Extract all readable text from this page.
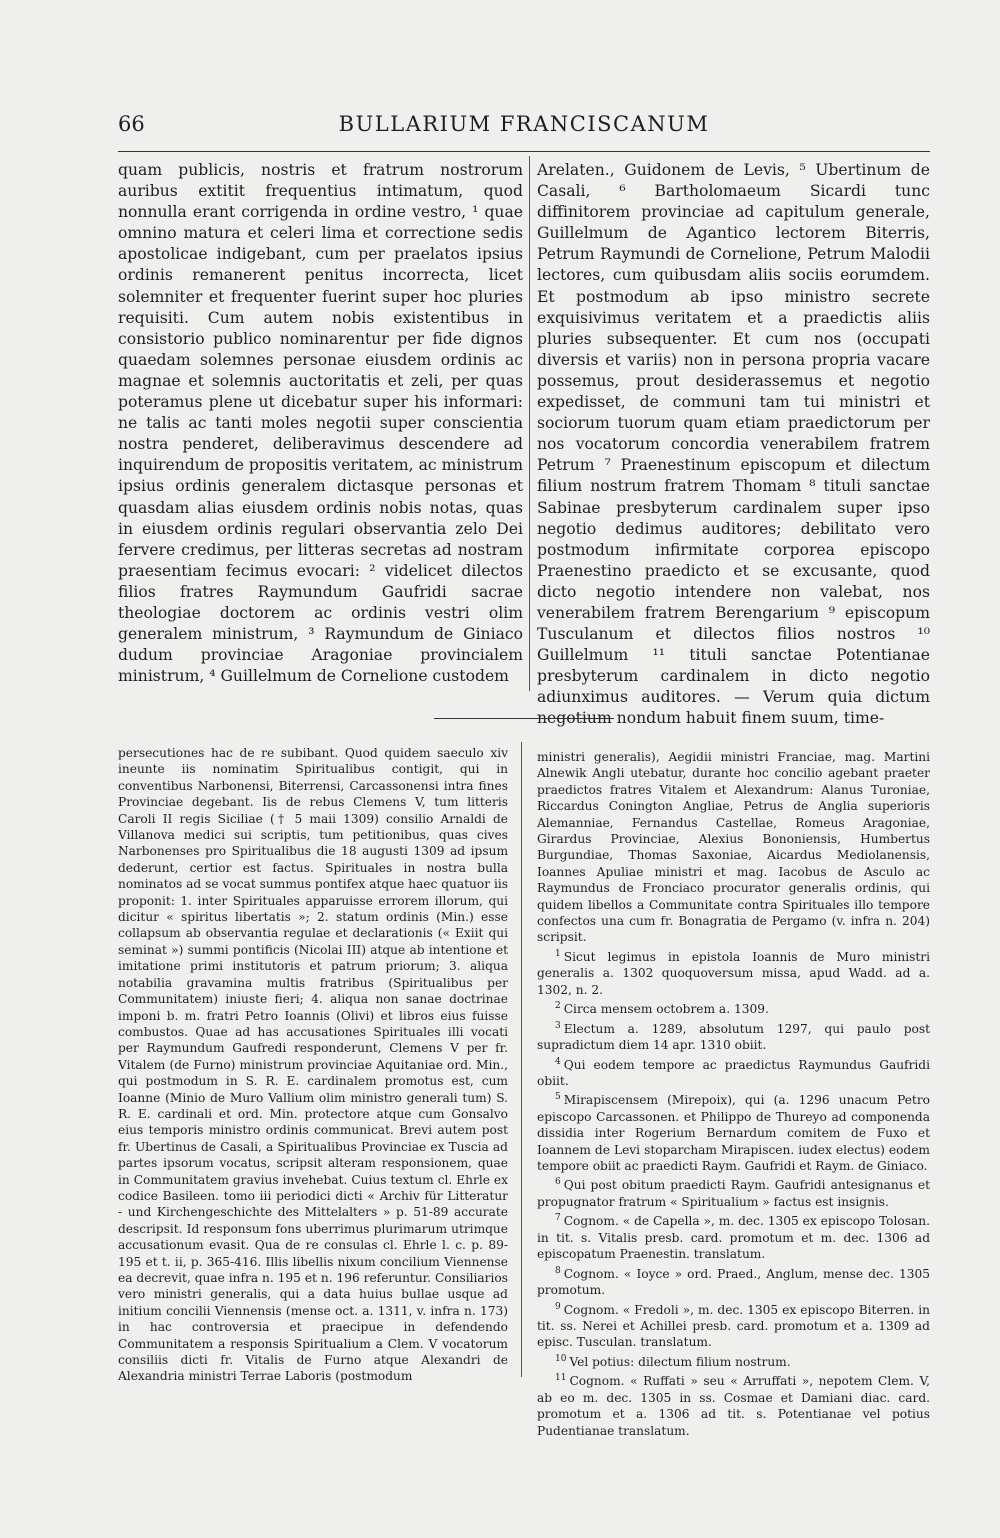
66	BULLARIUM FRANCISCANUM

quam publicis, nostris et fratrum nostrorum auribus extitit frequentius intimatum, quod nonnulla erant corrigenda in ordine vestro, ¹ quae omnino matura et celeri lima et correctione sedis apostolicae indigebant, cum per praelatos ipsius ordinis remanerent penitus incorrecta, licet solemniter et frequenter fuerint super hoc pluries requisiti. Cum autem nobis existentibus in consistorio publico nominarentur per fide dignos quaedam solemnes personae eiusdem ordinis ac magnae et solemnis auctoritatis et zeli, per quas poteramus plene ut dicebatur super his informari: ne talis ac tanti moles negotii super conscientia nostra penderet, deliberavimus descendere ad inquirendum de propositis veritatem, ac ministrum ipsius ordinis generalem dictasque personas et quasdam alias eiusdem ordinis nobis notas, quas in eiusdem ordinis regulari observantia zelo Dei fervere credimus, per litteras secretas ad nostram praesentiam fecimus evocari: ² videlicet dilectos filios fratres Raymundum Gaufridi sacrae theologiae doctorem ac ordinis vestri olim generalem ministrum, ³ Raymundum de Giniaco dudum provinciae Aragoniae provincialem ministrum, ⁴ Guillelmum de Cornelione custodem

Arelaten., Guidonem de Levis, ⁵ Ubertinum de Casali, ⁶ Bartholomaeum Sicardi tunc diffinitorem provinciae ad capitulum generale, Guillelmum de Agantico lectorem Biterris, Petrum Raymundi de Cornelione, Petrum Malodii lectores, cum quibusdam aliis sociis eorumdem. Et postmodum ab ipso ministro secrete exquisivimus veritatem et a praedictis aliis pluries subsequenter. Et cum nos (occupati diversis et variis) non in persona propria vacare possemus, prout desiderassemus et negotio expedisset, de communi tam tui ministri et sociorum tuorum quam etiam praedictorum per nos vocatorum concordia venerabilem fratrem Petrum ⁷ Praenestinum episcopum et dilectum filium nostrum fratrem Thomam ⁸ tituli sanctae Sabinae presbyterum cardinalem super ipso negotio dedimus auditores; debilitato vero postmodum infirmitate corporea episcopo Praenestino praedicto et se excusante, quod dicto negotio intendere non valebat, nos venerabilem fratrem Berengarium ⁹ episcopum Tusculanum et dilectos filios nostros ¹⁰ Guillelmum ¹¹ tituli sanctae Potentianae presbyterum cardinalem in dicto negotio adiunximus auditores. — Verum quia dictum negotium nondum habuit finem suum, time-

persecutiones hac de re subibant. Quod quidem saeculo xiv ineunte iis nominatim Spiritualibus contigit, qui in conventibus Narbonensi, Biterrensi, Carcassonensi intra fines Provinciae degebant. Iis de rebus Clemens V, tum litteris Caroli II regis Siciliae († 5 maii 1309) consilio Arnaldi de Villanova medici sui scriptis, tum petitionibus, quas cives Narbonenses pro Spiritualibus die 18 augusti 1309 ad ipsum dederunt, certior est factus. Spirituales in nostra bulla nominatos ad se vocat summus pontifex atque haec quatuor iis proponit: 1. inter Spirituales apparuisse errorem illorum, qui dicitur « spiritus libertatis »; 2. statum ordinis (Min.) esse collapsum ab observantia regulae et declarationis (« Exiit qui seminat ») summi pontificis (Nicolai III) atque ab intentione et imitatione primi institutoris et patrum priorum; 3. aliqua notabilia gravamina multis fratribus (Spiritualibus per Communitatem) iniuste fieri; 4. aliqua non sanae doctrinae imponi b. m. fratri Petro Ioannis (Olivi) et libros eius fuisse combustos. Quae ad has accusationes Spirituales illi vocati per Raymundum Gaufredi responderunt, Clemens V per fr. Vitalem (de Furno) ministrum provinciae Aquitaniae ord. Min., qui postmodum in S. R. E. cardinalem promotus est, cum Ioanne (Minio de Muro Vallium olim ministro generali tum) S. R. E. cardinali et ord. Min. protectore atque cum Gonsalvo eius temporis ministro ordinis communicat. Brevi autem post fr. Ubertinus de Casali, a Spiritualibus Provinciae ex Tuscia ad partes ipsorum vocatus, scripsit alteram responsionem, quae in Communitatem gravius invehebat. Cuius textum cl. Ehrle ex codice Basileen. tomo iii periodici dicti « Archiv für Litteratur - und Kirchengeschichte des Mittelalters » p. 51-89 accurate descripsit. Id responsum fons uberrimus plurimarum utrimque accusationum evasit. Qua de re consulas cl. Ehrle l. c. p. 89-195 et t. ii, p. 365-416. Illis libellis nixum concilium Viennense ea decrevit, quae infra n. 195 et n. 196 referuntur. Consiliarios vero ministri generalis, qui a data huius bullae usque ad initium concilii Viennensis (mense oct. a. 1311, v. infra n. 173) in hac controversia et praecipue in defendendo Communitatem a responsis Spiritualium a Clem. V vocatorum consiliis dicti fr. Vitalis de Furno atque Alexandri de Alexandria ministri Terrae Laboris (postmodum

ministri generalis), Aegidii ministri Franciae, mag. Martini Alnewik Angli utebatur, durante hoc concilio agebant praeter praedictos fratres Vitalem et Alexandrum: Alanus Turoniae, Riccardus Conington Angliae, Petrus de Anglia superioris Alemanniae, Fernandus Castellae, Romeus Aragoniae, Girardus Provinciae, Alexius Bononiensis, Humbertus Burgundiae, Thomas Saxoniae, Aicardus Mediolanensis, Ioannes Apuliae ministri et mag. Iacobus de Asculo ac Raymundus de Fronciaco procurator generalis ordinis, qui quidem libellos a Communitate contra Spirituales illo tempore confectos una cum fr. Bonagratia de Pergamo (v. infra n. 204) scripsit.

$^1$ Sicut legimus in epistola Ioannis de Muro ministri generalis a. 1302 quoquoversum missa, apud Wadd. ad a. 1302, n. 2.

$^2$ Circa mensem octobrem a. 1309.

$^3$ Electum a. 1289, absolutum 1297, qui paulo post supradictum diem 14 apr. 1310 obiit.

$^4$ Qui eodem tempore ac praedictus Raymundus Gaufridi obiit.

$^5$ Mirapiscensem (Mirepoix), qui (a. 1296 unacum Petro episcopo Carcassonen. et Philippo de Thureyo ad componenda dissidia inter Rogerium Bernardum comitem de Fuxo et Ioannem de Levi stoparcham Mirapiscen. iudex electus) eodem tempore obiit ac praedicti Raym. Gaufridi et Raym. de Giniaco.

$^6$ Qui post obitum praedicti Raym. Gaufridi antesignanus et propugnator fratrum « Spiritualium » factus est insignis.

$^7$ Cognom. « de Capella », m. dec. 1305 ex episcopo Tolosan. in tit. s. Vitalis presb. card. promotum et m. dec. 1306 ad episcopatum Praenestin. translatum.

$^8$ Cognom. « Ioyce » ord. Praed., Anglum, mense dec. 1305 promotum.

$^9$ Cognom. « Fredoli », m. dec. 1305 ex episcopo Biterren. in tit. ss. Nerei et Achillei presb. card. promotum et a. 1309 ad episc. Tusculan. translatum.

$^{10}$ Vel potius: dilectum filium nostrum.

$^{11}$ Cognom. « Ruffati » seu « Arruffati », nepotem Clem. V, ab eo m. dec. 1305 in ss. Cosmae et Damiani diac. card. promotum et a. 1306 ad tit. s. Potentianae vel potius Pudentianae translatum.
